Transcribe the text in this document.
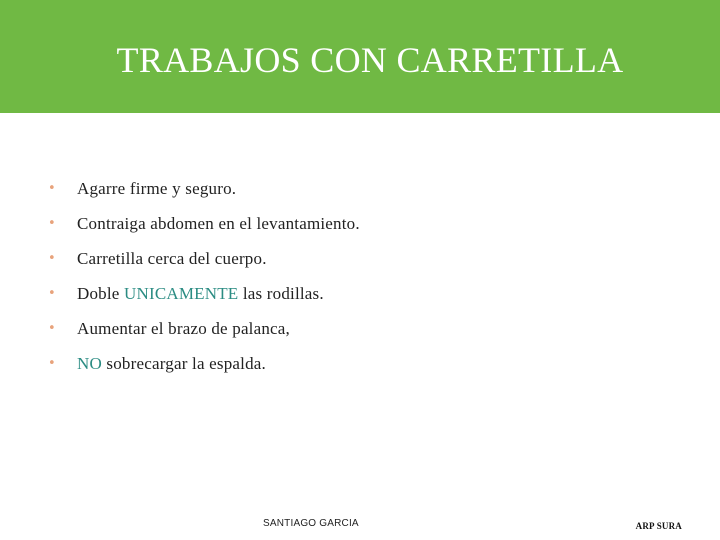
TRABAJOS CON CARRETILLA
• Agarre firme y seguro.
• Contraiga abdomen en el levantamiento.
• Carretilla cerca del cuerpo.
• Doble UNICAMENTE las rodillas.
• Aumentar el brazo de palanca,
• NO sobrecargar la espalda.
SANTIAGO GARCIA	ARP SURA
